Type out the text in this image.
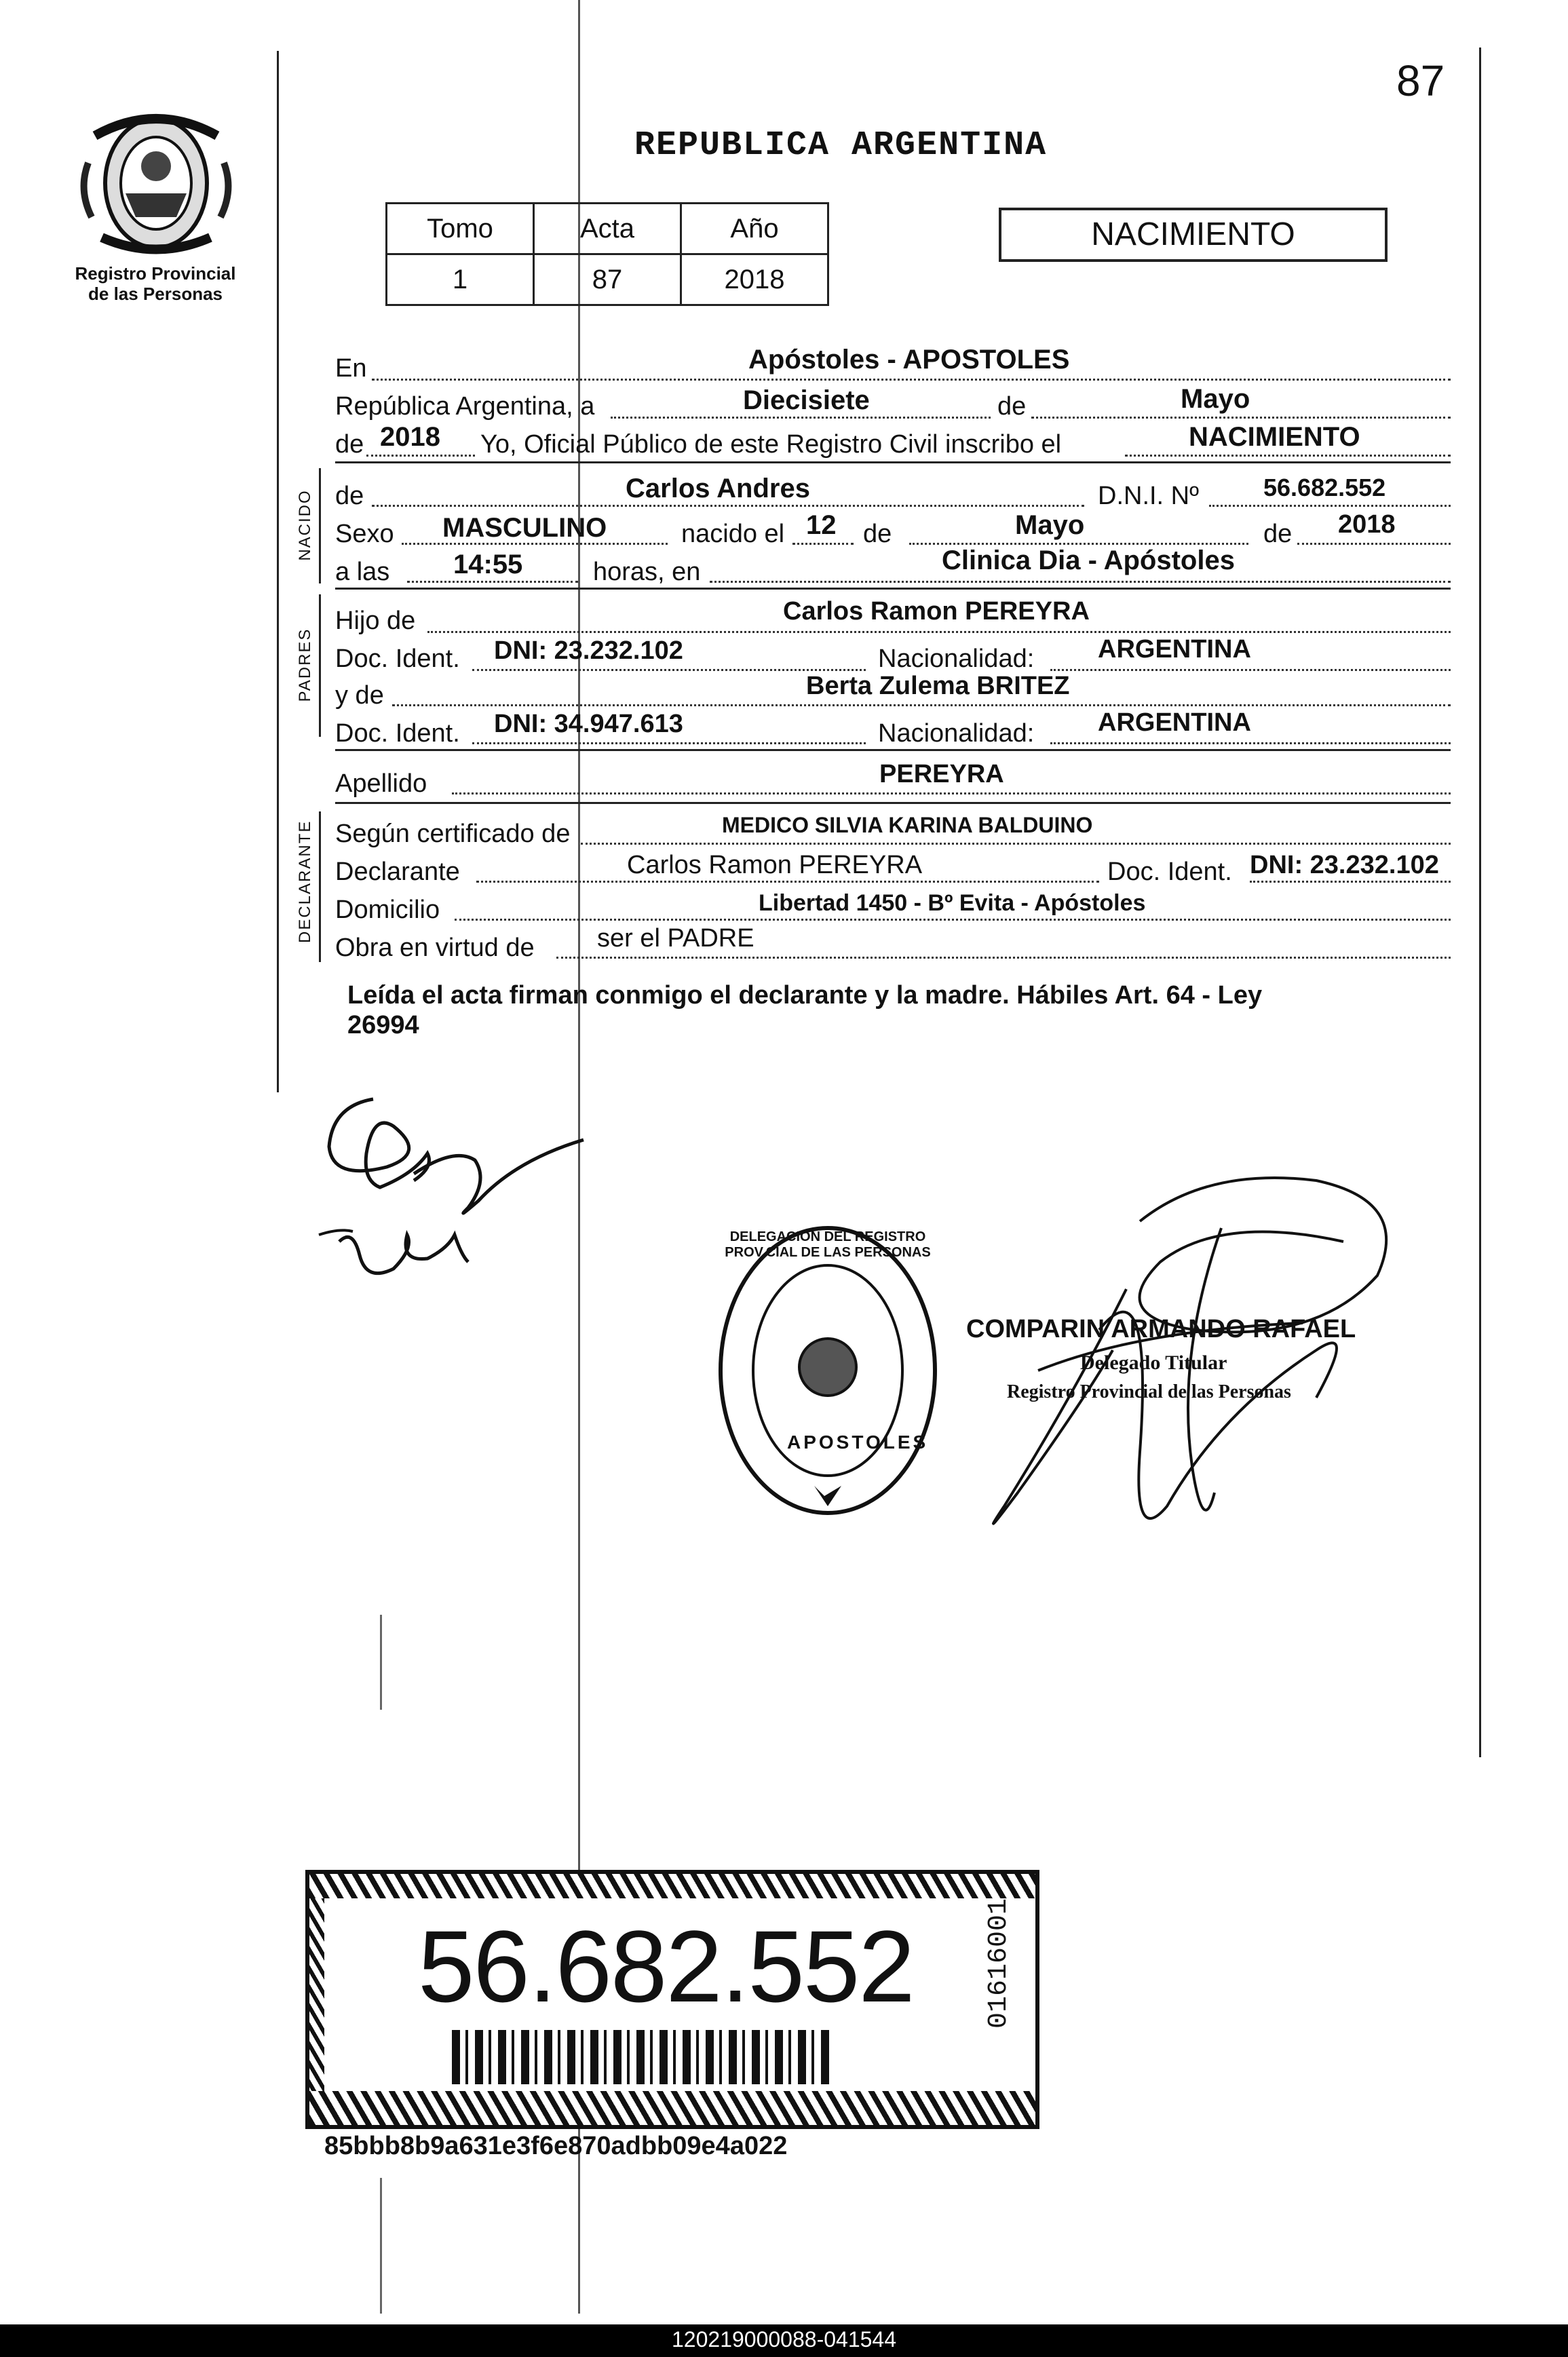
87
Registro Provincial de las Personas
REPUBLICA ARGENTINA
Tomo	Acta	Año
1	87	2018
NACIMIENTO
En	Apóstoles - APOSTOLES
República Argentina, a	Diecisiete	de	Mayo
de 2018 Yo, Oficial Público de este Registro Civil inscribo el	NACIMIENTO
NACIDO de	Carlos Andres	D.N.I. Nº	56.682.552
Sexo MASCULINO	nacido el 12 de	Mayo	de 2018
a las 14:55	horas, en	Clinica Dia - Apóstoles
PADRES
Hijo de	Carlos Ramon PEREYRA
Doc. Ident. DNI: 23.232.102	Nacionalidad: ARGENTINA
y de	Berta Zulema BRITEZ
Doc. Ident. DNI: 34.947.613	Nacionalidad: ARGENTINA
Apellido	PEREYRA
DECLARANTE Según certificado de	MEDICO SILVIA KARINA BALDUINO
Declarante	Carlos Ramon PEREYRA	Doc. Ident. DNI: 23.232.102
Domicilio	Libertad 1450 - Bº Evita - Apóstoles
Obra en virtud de ser el PADRE
Leída el acta firman conmigo el declarante y la madre. Hábiles Art. 64 - Ley
26994
DELEGACION DEL REGISTRO PROV.CIAL DE LAS PERSONAS
APOSTOLES
COMPARIN ARMANDO RAFAEL
Delegado Titular
Registro Provincial de las Personas
56.682.552	01616001
85bbb8b9a631e3f6e870adbb09e4a022
120219000088-041544
